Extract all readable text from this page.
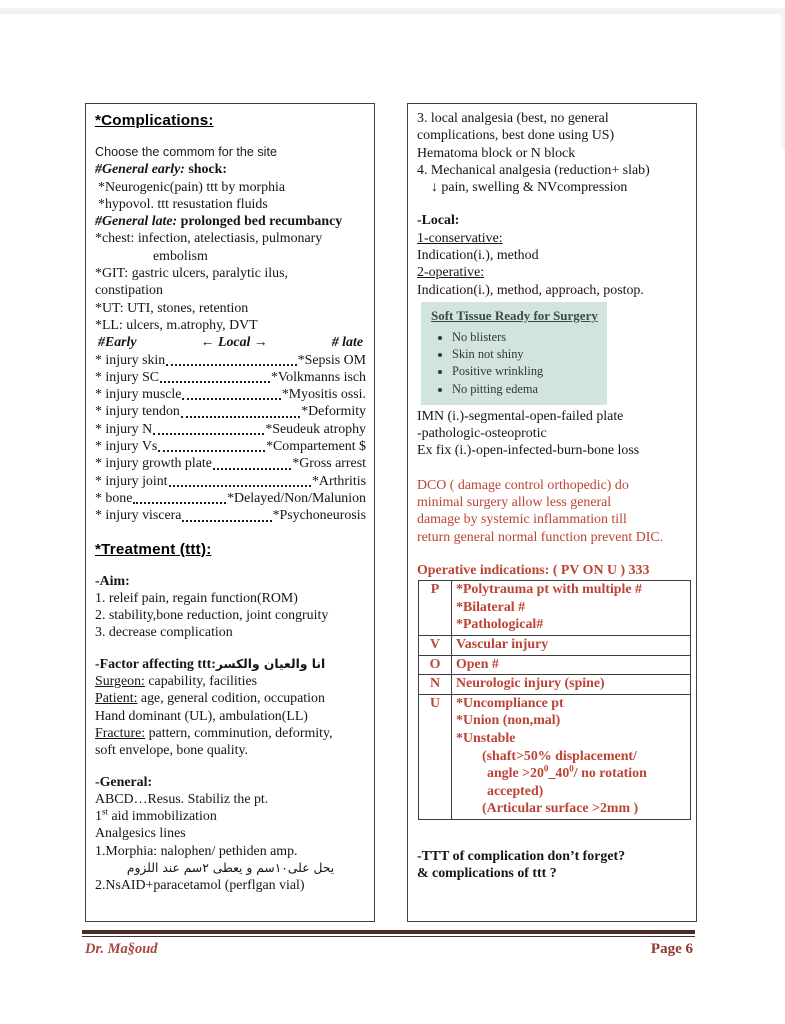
*Complications:
Choose the commom for the site
#General early: shock:
*Neurogenic(pain) ttt by morphia
*hypovol. ttt resustation fluids
#General late: prolonged bed recumbancy
*chest: infection, atelectiasis, pulmonary
embolism
*GIT: gastric ulcers, paralytic ilus,
constipation
*UT: UTI, stones, retention
*LL: ulcers, m.atrophy, DVT
#Early	← Local →	# late
* injury skin	*Sepsis OM
* injury SC	*Volkmanns isch
* injury muscle	*Myositis ossi.
* injury tendon	*Deformity
* injury N	*Seudeuk atrophy
* injury Vs	*Compartement $
* injury growth plate	*Gross arrest
* injury joint	*Arthritis
* bone	*Delayed/Non/Malunion
* injury viscera	*Psychoneurosis
*Treatment (ttt):
-Aim:
1. releif pain, regain function(ROM)
2. stability,bone reduction, joint congruity
3. decrease complication
-Factor affecting ttt:انا والعيان والكسر
Surgeon: capability, facilities
Patient: age, general codition, occupation
Hand dominant (UL), ambulation(LL)
Fracture: pattern, comminution, deformity,
soft envelope, bone quality.
-General:
ABCD…Resus. Stabiliz the pt.
1st aid immobilization
Analgesics lines
1.Morphia: nalophen/ pethiden amp.
يحل على١٠سم و يعطى ٢سم عند اللزوم
2.NsAID+paracetamol (perflgan vial)
3. local analgesia (best, no general
complications, best done using US)
Hematoma block or N block
4. Mechanical analgesia (reduction+ slab)
↓ pain, swelling & NVcompression
-Local:
1-conservative:
Indication(i.), method
2-operative:
Indication(i.), method, approach, postop.
Soft Tissue Ready for Surgery
• No blisters
• Skin not shiny
• Positive wrinkling
• No pitting edema
IMN (i.)-segmental-open-failed plate
-pathologic-osteoprotic
Ex fix (i.)-open-infected-burn-bone loss
DCO ( damage control orthopedic) do
minimal surgery allow less general
damage by systemic inflammation till
return general normal function prevent DIC.
Operative indications: ( PV ON U ) 333
P	*Polytrauma pt with multiple #
*Bilateral #
*Pathological#

V	Vascular injury

O	Open #

N	Neurologic injury (spine)

U	*Uncompliance pt
*Union (non,mal)
*Unstable
(shaft>50% displacement/
angle $>20^0\_40^0/$ no rotation
accepted)
(Articular surface >2mm )
-TTT of complication don’t forget?
& complications of ttt ?
Dr. Ma§oud	Page 6
